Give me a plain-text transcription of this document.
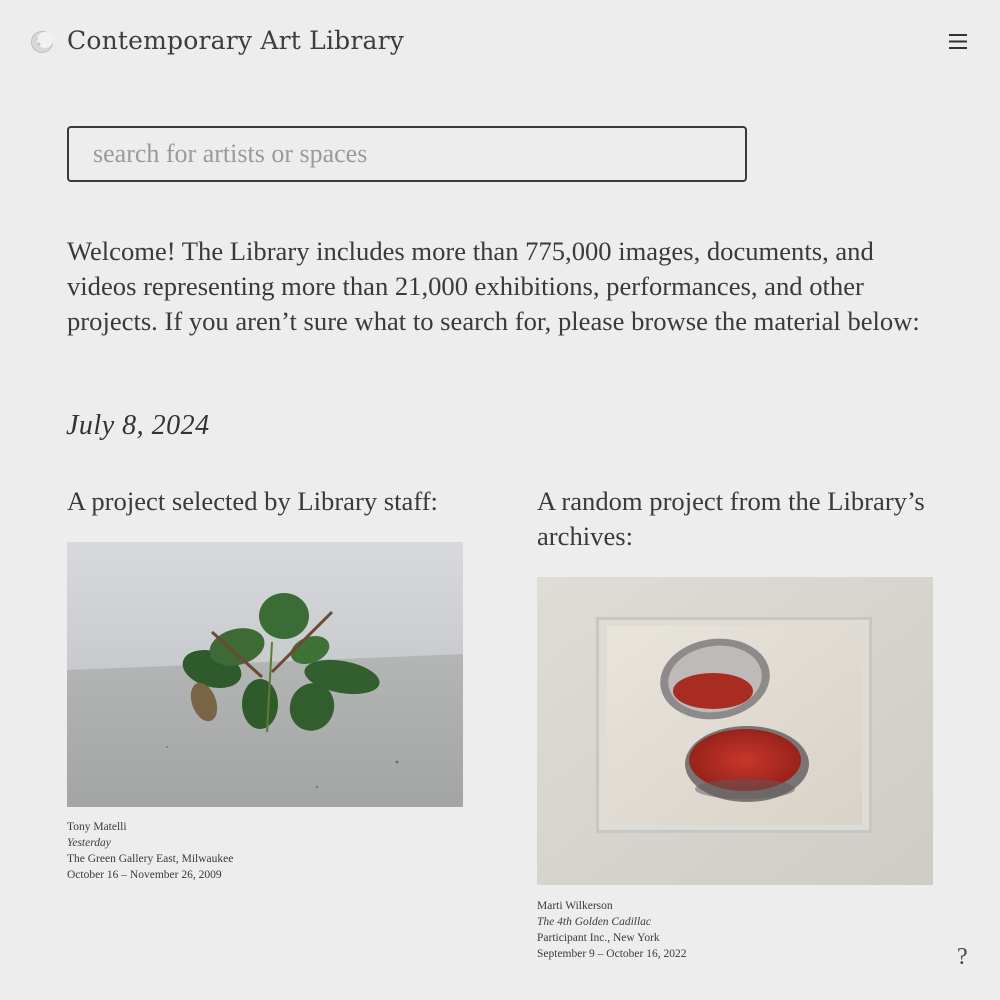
Contemporary Art Library
search for artists or spaces
Welcome! The Library includes more than 775,000 images, documents, and videos representing more than 21,000 exhibitions, performances, and other projects. If you aren’t sure what to search for, please browse the material below:
July 8, 2024
A project selected by Library staff:
Tony Matelli
Yesterday
The Green Gallery East, Milwaukee
October 16 – November 26, 2009
A random project from the Library’s archives:
Marti Wilkerson
The 4th Golden Cadillac
Participant Inc., New York
September 9 – October 16, 2022	?
